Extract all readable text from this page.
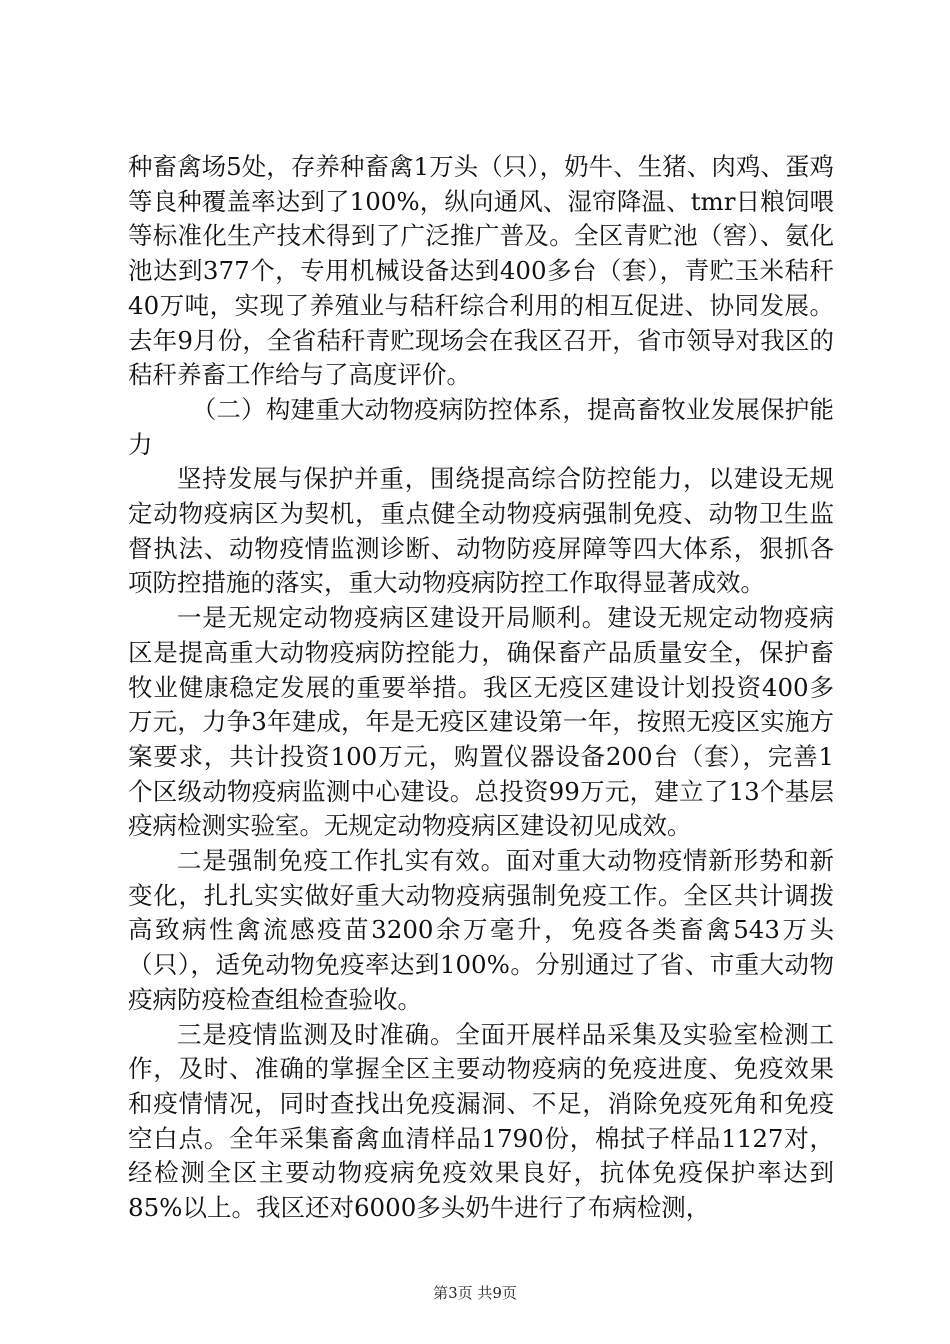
种畜禽场5处，存养种畜禽1万头（只），奶牛、生猪、肉鸡、蛋鸡等良种覆盖率达到了100%，纵向通风、湿帘降温、tmr日粮饲喂等标准化生产技术得到了广泛推广普及。全区青贮池（窖）、氨化池达到377个，专用机械设备达到400多台（套），青贮玉米秸秆40万吨，实现了养殖业与秸秆综合利用的相互促进、协同发展。去年9月份，全省秸秆青贮现场会在我区召开，省市领导对我区的秸秆养畜工作给与了高度评价。

（二）构建重大动物疫病防控体系，提高畜牧业发展保护能力

坚持发展与保护并重，围绕提高综合防控能力，以建设无规定动物疫病区为契机，重点健全动物疫病强制免疫、动物卫生监督执法、动物疫情监测诊断、动物防疫屏障等四大体系，狠抓各项防控措施的落实，重大动物疫病防控工作取得显著成效。

一是无规定动物疫病区建设开局顺利。建设无规定动物疫病区是提高重大动物疫病防控能力，确保畜产品质量安全，保护畜牧业健康稳定发展的重要举措。我区无疫区建设计划投资400多万元，力争3年建成，年是无疫区建设第一年，按照无疫区实施方案要求，共计投资100万元，购置仪器设备200台（套），完善1个区级动物疫病监测中心建设。总投资99万元，建立了13个基层疫病检测实验室。无规定动物疫病区建设初见成效。

二是强制免疫工作扎实有效。面对重大动物疫情新形势和新变化，扎扎实实做好重大动物疫病强制免疫工作。全区共计调拨高致病性禽流感疫苗3200余万毫升，免疫各类畜禽543万头（只），适免动物免疫率达到100%。分别通过了省、市重大动物疫病防疫检查组检查验收。

三是疫情监测及时准确。全面开展样品采集及实验室检测工作，及时、准确的掌握全区主要动物疫病的免疫进度、免疫效果和疫情情况，同时查找出免疫漏洞、不足，消除免疫死角和免疫空白点。全年采集畜禽血清样品1790份，棉拭子样品1127对，经检测全区主要动物疫病免疫效果良好，抗体免疫保护率达到85%以上。我区还对6000多头奶牛进行了布病检测，

第3页 共9页
